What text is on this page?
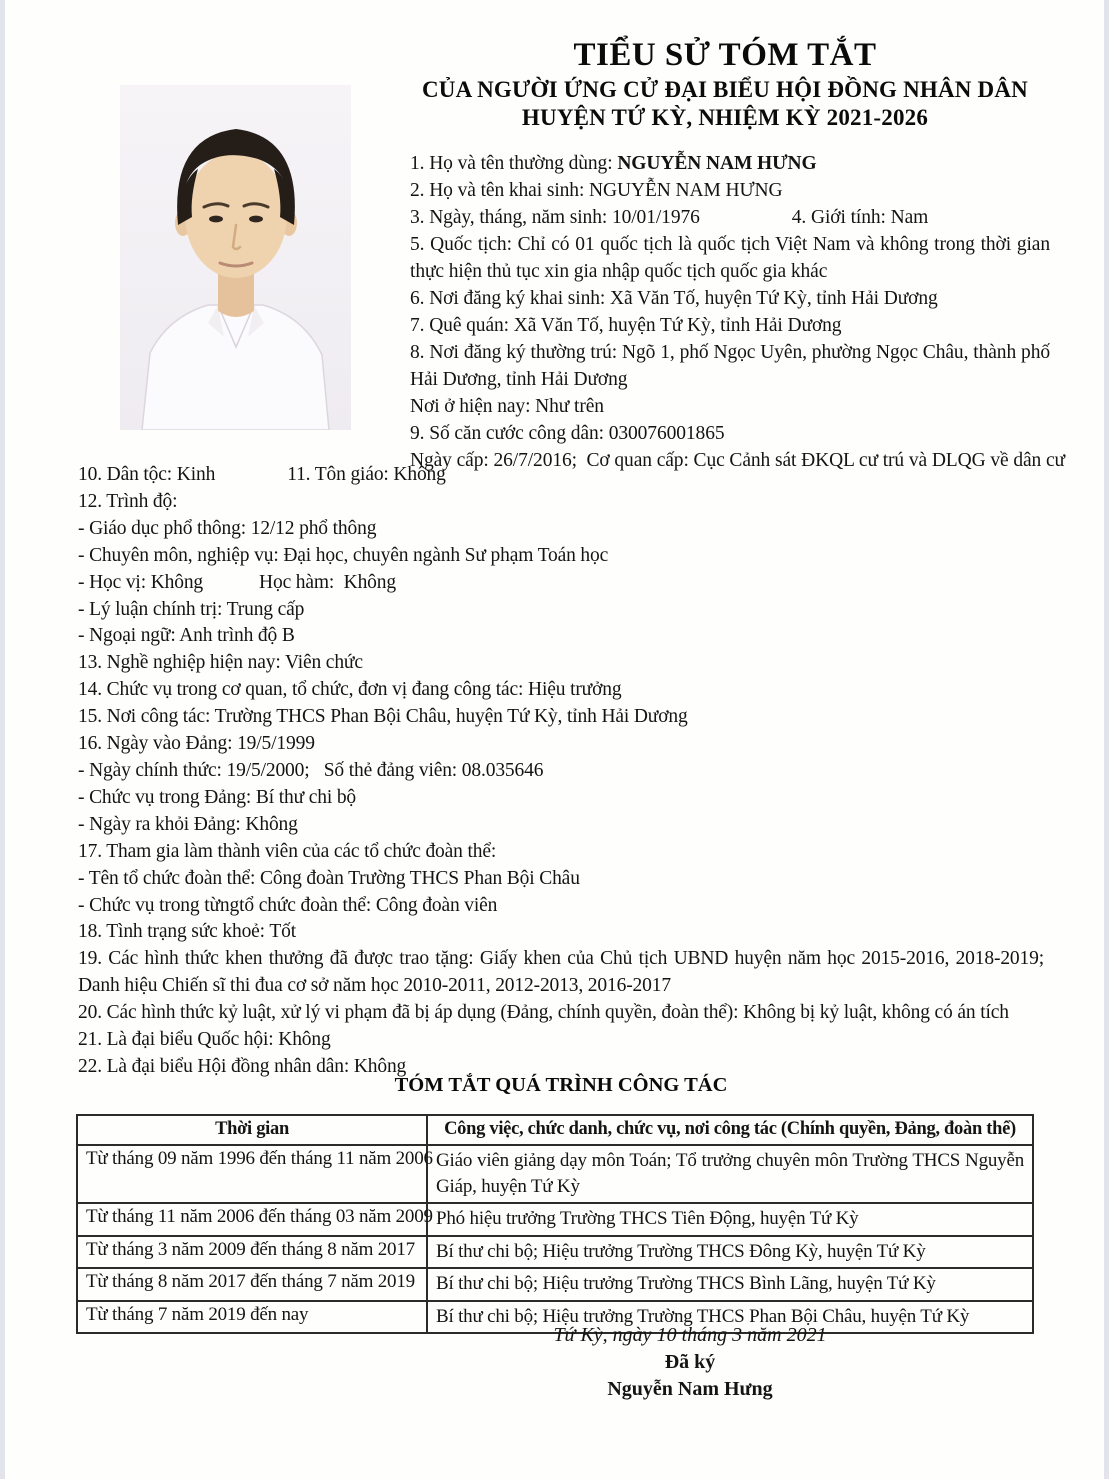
TIỂU SỬ TÓM TẮT
CỦA NGƯỜI ỨNG CỬ ĐẠI BIỂU HỘI ĐỒNG NHÂN DÂN
HUYỆN TỨ KỲ, NHIỆM KỲ 2021-2026
1. Họ và tên thường dùng: NGUYỄN NAM HƯNG
2. Họ và tên khai sinh: NGUYỄN NAM HƯNG
3. Ngày, tháng, năm sinh: 10/01/1976	4. Giới tính: Nam
5. Quốc tịch: Chỉ có 01 quốc tịch là quốc tịch Việt Nam và không trong thời gian thực hiện thủ tục xin gia nhập quốc tịch quốc gia khác
6. Nơi đăng ký khai sinh: Xã Văn Tố, huyện Tứ Kỳ, tỉnh Hải Dương
7. Quê quán: Xã Văn Tố, huyện Tứ Kỳ, tỉnh Hải Dương
8. Nơi đăng ký thường trú: Ngõ 1, phố Ngọc Uyên, phường Ngọc Châu, thành phố Hải Dương, tỉnh Hải Dương
Nơi ở hiện nay: Như trên
9. Số căn cước công dân: 030076001865
Ngày cấp: 26/7/2016;  Cơ quan cấp: Cục Cảnh sát ĐKQL cư trú và DLQG về dân cư
10. Dân tộc: Kinh	11. Tôn giáo: Không
12. Trình độ:
- Giáo dục phổ thông: 12/12 phổ thông
- Chuyên môn, nghiệp vụ: Đại học, chuyên ngành Sư phạm Toán học
- Học vị: Không	Học hàm:  Không
- Lý luận chính trị: Trung cấp
- Ngoại ngữ: Anh trình độ B
13. Nghề nghiệp hiện nay: Viên chức
14. Chức vụ trong cơ quan, tổ chức, đơn vị đang công tác: Hiệu trưởng
15. Nơi công tác: Trường THCS Phan Bội Châu, huyện Tứ Kỳ, tỉnh Hải Dương
16. Ngày vào Đảng: 19/5/1999
- Ngày chính thức: 19/5/2000;   Số thẻ đảng viên: 08.035646
- Chức vụ trong Đảng: Bí thư chi bộ
- Ngày ra khỏi Đảng: Không
17. Tham gia làm thành viên của các tổ chức đoàn thể:
- Tên tổ chức đoàn thể: Công đoàn Trường THCS Phan Bội Châu
- Chức vụ trong từngtổ chức đoàn thể: Công đoàn viên
18. Tình trạng sức khoẻ: Tốt
19. Các hình thức khen thưởng đã được trao tặng: Giấy khen của Chủ tịch UBND huyện năm học 2015-2016, 2018-2019; Danh hiệu Chiến sĩ thi đua cơ sở năm học 2010-2011, 2012-2013, 2016-2017
20. Các hình thức kỷ luật, xử lý vi phạm đã bị áp dụng (Đảng, chính quyền, đoàn thể): Không bị kỷ luật, không có án tích
21. Là đại biểu Quốc hội: Không
22. Là đại biểu Hội đồng nhân dân: Không
TÓM TẮT QUÁ TRÌNH CÔNG TÁC
Thời gian	Công việc, chức danh, chức vụ, nơi công tác (Chính quyền, Đảng, đoàn thể)
Từ tháng 09 năm 1996 đến tháng 11 năm 2006	Giáo viên giảng dạy môn Toán; Tổ trưởng chuyên môn Trường THCS Nguyễn Giáp, huyện Tứ Kỳ
Từ tháng 11 năm 2006 đến tháng 03 năm 2009	Phó hiệu trưởng Trường THCS Tiên Động, huyện Tứ Kỳ
Từ tháng 3 năm 2009 đến tháng 8 năm 2017	Bí thư chi bộ; Hiệu trưởng Trường THCS Đông Kỳ, huyện Tứ Kỳ
Từ tháng 8 năm 2017 đến tháng 7 năm 2019	Bí thư chi bộ; Hiệu trưởng Trường THCS Bình Lãng, huyện Tứ Kỳ
Từ tháng 7 năm 2019 đến nay	Bí thư chi bộ; Hiệu trưởng Trường THCS Phan Bội Châu, huyện Tứ Kỳ
Tứ Kỳ, ngày 10 tháng 3 năm 2021
Đã ký
Nguyễn Nam Hưng
